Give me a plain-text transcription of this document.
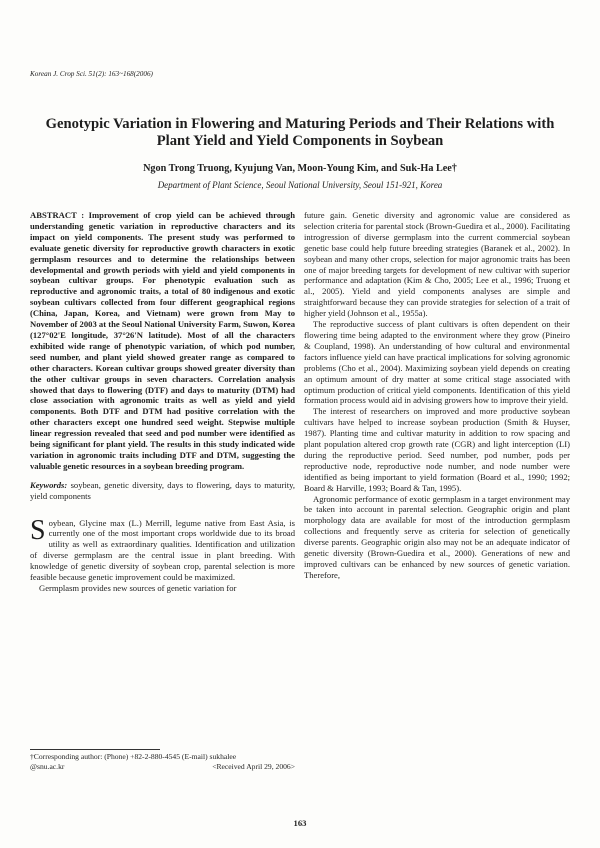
Korean J. Crop Sci. 51(2): 163~168(2006)
Genotypic Variation in Flowering and Maturing Periods and Their Relations with
Plant Yield and Yield Components in Soybean
Ngon Trong Truong, Kyujung Van, Moon-Young Kim, and Suk-Ha Lee†
Department of Plant Science, Seoul National University, Seoul 151-921, Korea

ABSTRACT : Improvement of crop yield can be achieved through understanding genetic variation in reproductive characters and its impact on yield components. The present study was performed to evaluate genetic diversity for reproductive growth characters in exotic germplasm resources and to determine the relationships between developmental and growth periods with yield and yield components in soybean cultivar groups. For phenotypic evaluation such as reproductive and agronomic traits, a total of 80 indigenous and exotic soybean cultivars collected from four different geographical regions (China, Japan, Korea, and Vietnam) were grown from May to November of 2003 at the Seoul National University Farm, Suwon, Korea (127°02'E longitude, 37°26'N latitude). Most of all the characters exhibited wide range of phenotypic variation, of which pod number, seed number, and plant yield showed greater range as compared to other characters. Korean cultivar groups showed greater diversity than the other cultivar groups in seven characters. Correlation analysis showed that days to flowering (DTF) and days to maturity (DTM) had close association with agronomic traits as well as yield and yield components. Both DTF and DTM had positive correlation with the other characters except one hundred seed weight. Stepwise multiple linear regression revealed that seed and pod number were identified as being significant for plant yield. The results in this study indicated wide variation in agronomic traits including DTF and DTM, suggesting the valuable genetic resources in a soybean breeding program.

Keywords: soybean, genetic diversity, days to flowering, days to maturity, yield components

Soybean, Glycine max (L.) Merrill, legume native from East Asia, is currently one of the most important crops worldwide due to its broad utility as well as extraordinary qualities. Identification and utilization of diverse germplasm are the central issue in plant breeding. With knowledge of genetic diversity of soybean crop, parental selection is more feasible because genetic improvement could be maximized.

Germplasm provides new sources of genetic variation for

future gain. Genetic diversity and agronomic value are considered as selection criteria for parental stock (Brown-Guedira et al., 2000). Facilitating introgression of diverse germplasm into the current commercial soybean genetic base could help future breeding strategies (Baranek et al., 2002). In soybean and many other crops, selection for major agronomic traits has been one of major breeding targets for development of new cultivar with superior performance and adaptation (Kim & Cho, 2005; Lee et al., 1996; Truong et al., 2005). Yield and yield components analyses are simple and straightforward because they can provide strategies for selection of a trait of higher yield (Johnson et al., 1955a).

The reproductive success of plant cultivars is often dependent on their flowering time being adapted to the environment where they grow (Pineiro & Coupland, 1998). An understanding of how cultural and environmental factors influence yield can have practical implications for solving agronomic problems (Cho et al., 2004). Maximizing soybean yield depends on creating an optimum amount of dry matter at some critical stage associated with optimum production of critical yield components. Identification of this yield formation process would aid in advising growers how to improve their yield.

The interest of researchers on improved and more productive soybean cultivars have helped to increase soybean production (Smith & Huyser, 1987). Planting time and cultivar maturity in addition to row spacing and plant population altered crop growth rate (CGR) and light interception (LI) during the reproductive period. Seed number, pod number, pods per reproductive node, reproductive node number, and node number were identified as being important to yield formation (Board et al., 1990; 1992; Board & Harville, 1993; Board & Tan, 1995).

Agronomic performance of exotic germplasm in a target environment may be taken into account in parental selection. Geographic origin and plant morphology data are available for most of the introduction germplasm collections and frequently serve as criteria for selection of genetically diverse parents. Geographic origin also may not be an adequate indicator of genetic diversity (Brown-Guedira et al., 2000). Generations of new and improved cultivars can be enhanced by new sources of genetic variation. Therefore,

†Corresponding author: (Phone) +82-2-880-4545 (E-mail) sukhalee
@snu.ac.kr	<Received April 29, 2006>
163
